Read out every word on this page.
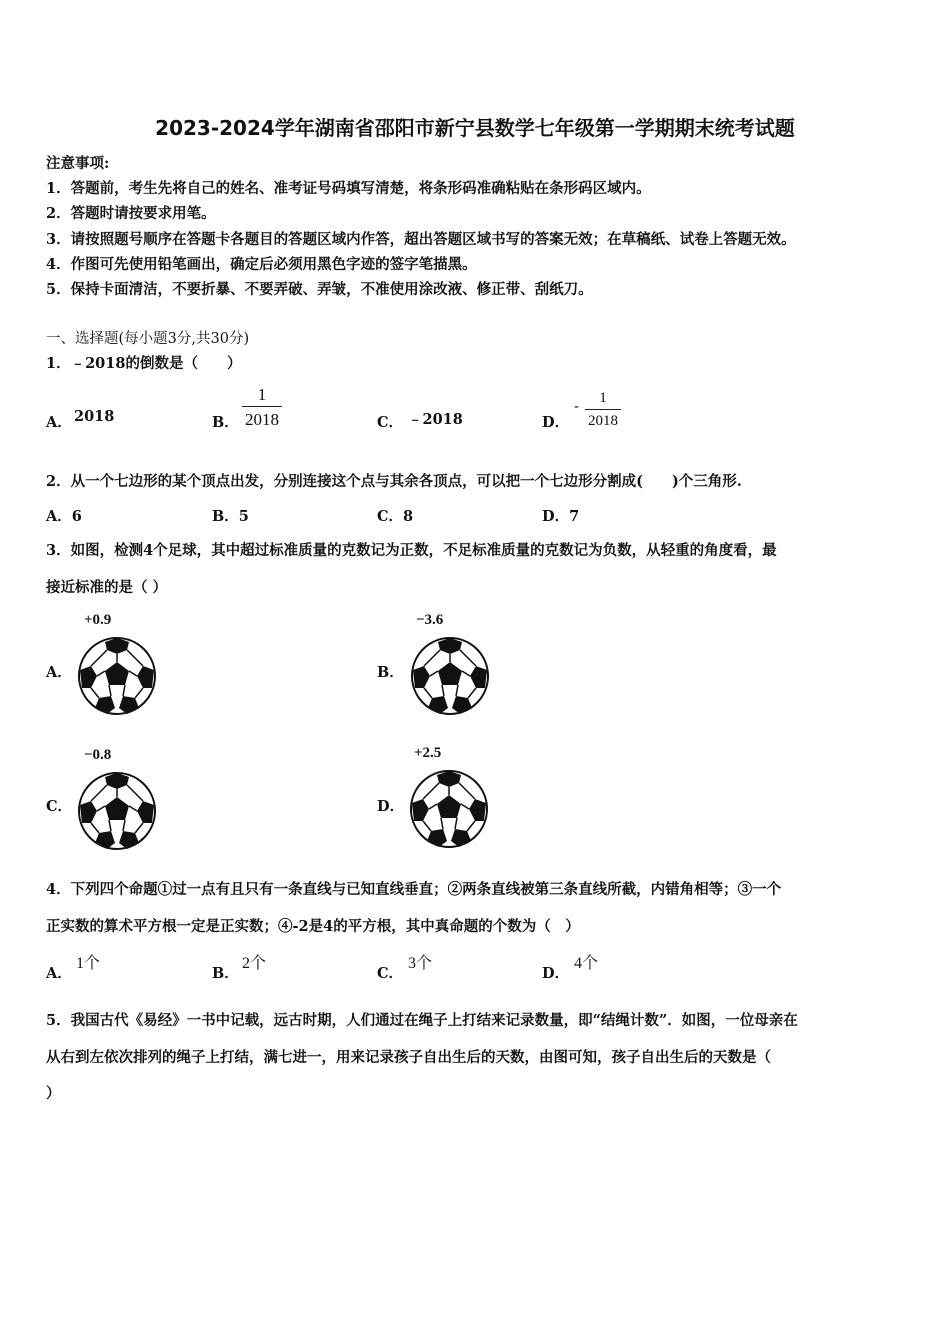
2023-2024学年湖南省邵阳市新宁县数学七年级第一学期期末统考试题
注意事项:
1．答题前，考生先将自己的姓名、准考证号码填写清楚，将条形码准确粘贴在条形码区域内。
2．答题时请按要求用笔。
3．请按照题号顺序在答题卡各题目的答题区域内作答，超出答题区域书写的答案无效；在草稿纸、试卷上答题无效。
4．作图可先使用铅笔画出，确定后必须用黑色字迹的签字笔描黑。
5．保持卡面清洁，不要折暴、不要弄破、弄皱，不准使用涂改液、修正带、刮纸刀。
一、选择题(每小题3分,共30分)
1．﹣2018的倒数是（　　）
A． 2018	B．
1
2018	C． ﹣2018	D．
-
1
2018
2．从一个七边形的某个顶点出发，分别连接这个点与其余各顶点，可以把一个七边形分割成(　　)个三角形.
A．6	B．5	C．8	D．7
3．如图，检测4个足球，其中超过标准质量的克数记为正数，不足标准质量的克数记为负数，从轻重的角度看，最
接近标准的是（ ）
A．
+0.9
B．
−3.6
C．
−0.8
D．
+2.5
4．下列四个命题①过一点有且只有一条直线与已知直线垂直；②两条直线被第三条直线所截，内错角相等；③一个
正实数的算术平方根一定是正实数；④-2是4的平方根，其中真命题的个数为（　）
A．
1个
B．
2个
C．
3个
D．
4个
5．我国古代《易经》一书中记载，远古时期，人们通过在绳子上打结来记录数量，即“结绳计数”．如图，一位母亲在
从右到左依次排列的绳子上打结，满七进一，用来记录孩子自出生后的天数，由图可知，孩子自出生后的天数是（
）
